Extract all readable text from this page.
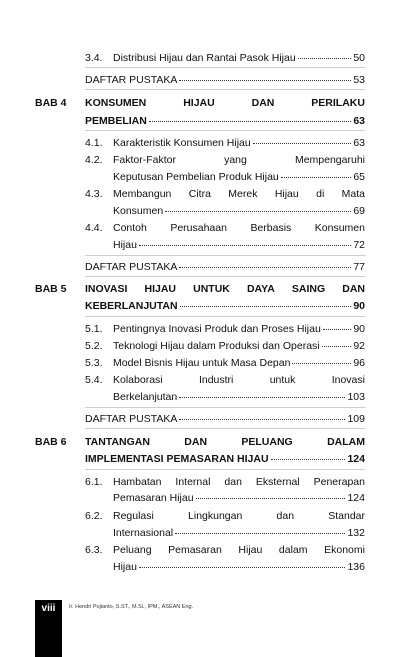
3.4. Distribusi Hijau dan Rantai Pasok Hijau	50
DAFTAR PUSTAKA	53
BAB 4 KONSUMEN	HIJAU	DAN	PERILAKU
PEMBELIAN	63
4.1. Karakteristik Konsumen Hijau	63
4.2. Faktor-Faktor	yang	Mempengaruhi
Keputusan Pembelian Produk Hijau	65
4.3. Membangun Citra Merek Hijau di Mata
Konsumen	69
4.4. Contoh Perusahaan Berbasis Konsumen
Hijau	72
DAFTAR PUSTAKA	77
BAB 5 INOVASI HIJAU UNTUK DAYA SAING DAN
KEBERLANJUTAN	90
5.1. Pentingnya Inovasi Produk dan Proses Hijau	90
5.2. Teknologi Hijau dalam Produksi dan Operasi	92
5.3. Model Bisnis Hijau untuk Masa Depan	96
5.4. Kolaborasi	Industri	untuk	Inovasi
Berkelanjutan	103
DAFTAR PUSTAKA	109
BAB 6 TANTANGAN	DAN	PELUANG	DALAM
IMPLEMENTASI PEMASARAN HIJAU	124
6.1. Hambatan Internal dan Eksternal Penerapan
Pemasaran Hijau	124
6.2. Regulasi	Lingkungan	dan	Standar
Internasional	132
6.3. Peluang Pemasaran Hijau dalam Ekonomi
Hijau	136
viii	Ir. Hendri Pujianto, S.ST., M.Si., IPM., ASEAN Eng.
